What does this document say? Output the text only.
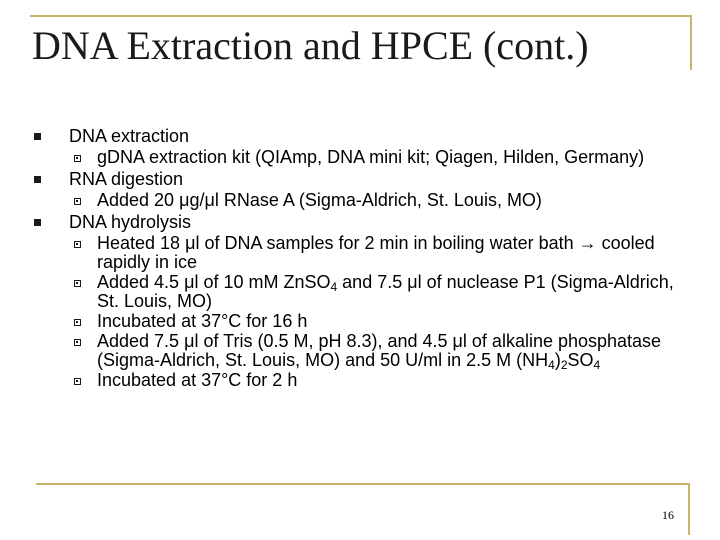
DNA Extraction and HPCE (cont.)
DNA extraction
gDNA extraction kit (QIAmp, DNA mini kit; Qiagen, Hilden, Germany)
RNA digestion
Added 20 μg/μl RNase A (Sigma-Aldrich, St. Louis, MO)
DNA hydrolysis
Heated 18 μl of DNA samples for 2 min in boiling water bath → cooled rapidly in ice
Added 4.5 μl of 10 mM ZnSO$_4$ and 7.5 μl of nuclease P1 (Sigma-Aldrich, St. Louis, MO)
Incubated at 37°C for 16 h
Added 7.5 μl of Tris (0.5 M, pH 8.3), and 4.5 μl of alkaline phosphatase (Sigma-Aldrich, St. Louis, MO) and 50 U/ml in 2.5 M $(NH_4)_2SO_4$
Incubated at 37°C for 2 h
16
